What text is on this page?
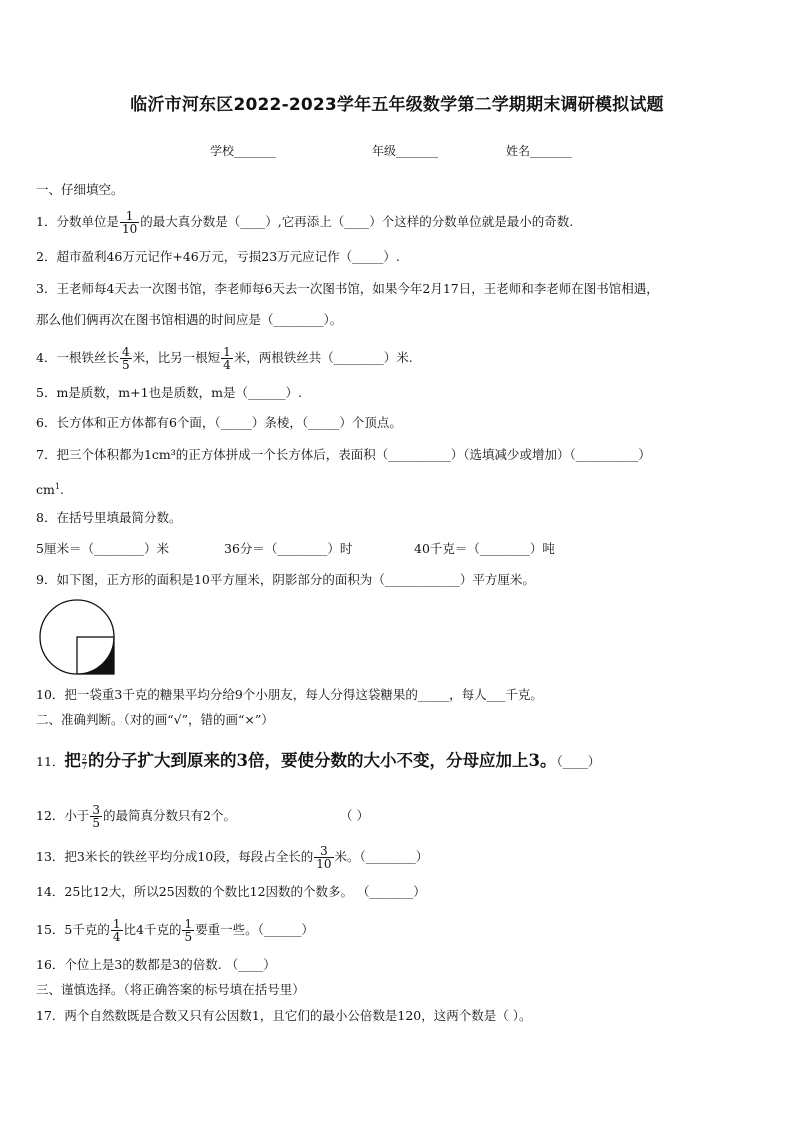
临沂市河东区2022-2023学年五年级数学第二学期期末调研模拟试题
学校_______	年级_______	姓名_______
一、仔细填空。
1．分数单位是 $\frac{1}{10}$ 的最大真分数是（____）,它再添上（____）个这样的分数单位就是最小的奇数.
2．超市盈利46万元记作+46万元，亏损23万元应记作（_____）.
3．王老师每4天去一次图书馆，李老师每6天去一次图书馆，如果今年2月17日，王老师和李老师在图书馆相遇，
那么他们俩再次在图书馆相遇的时间应是（________）。
4．一根铁丝长 $\frac{4}{5}$ 米，比另一根短 $\frac{1}{4}$ 米，两根铁丝共（________）米.
5．m是质数，m+1也是质数，m是（______）.
6．长方体和正方体都有6个面，（_____）条棱，（_____）个顶点。
7．把三个体积都为1cm³的正方体拼成一个长方体后，表面积（__________）（选填减少或增加）（__________）
$cm^1$.
8．在括号里填最简分数。
5厘米＝（________）米	36分＝（________）时	40千克＝（________）吨
9．如下图，正方形的面积是10平方厘米，阴影部分的面积为（____________）平方厘米。
10．把一袋重3千克的糖果平均分给9个小朋友，每人分得这袋糖果的_____，每人___千克。
二、准确判断。（对的画“√”，错的画“×”）
11．把 $\frac{2}{7}$ 的分子扩大到原来的3倍，要使分数的大小不变，分母应加上3。（____）
12．小于 $\frac{3}{5}$ 的最简真分数只有2个。	（ ）
13．把3米长的铁丝平均分成10段，每段占全长的 $\frac{3}{10}$ 米。（________）
14．25比12大，所以25因数的个数比12因数的个数多。 （_______）
15．5千克的 $\frac{1}{4}$ 比4千克的 $\frac{1}{5}$ 要重一些。（______）
16．个位上是3的数都是3的倍数. （____）
三、谨慎选择。（将正确答案的标号填在括号里）
17．两个自然数既是合数又只有公因数1，且它们的最小公倍数是120，这两个数是（ ）。
